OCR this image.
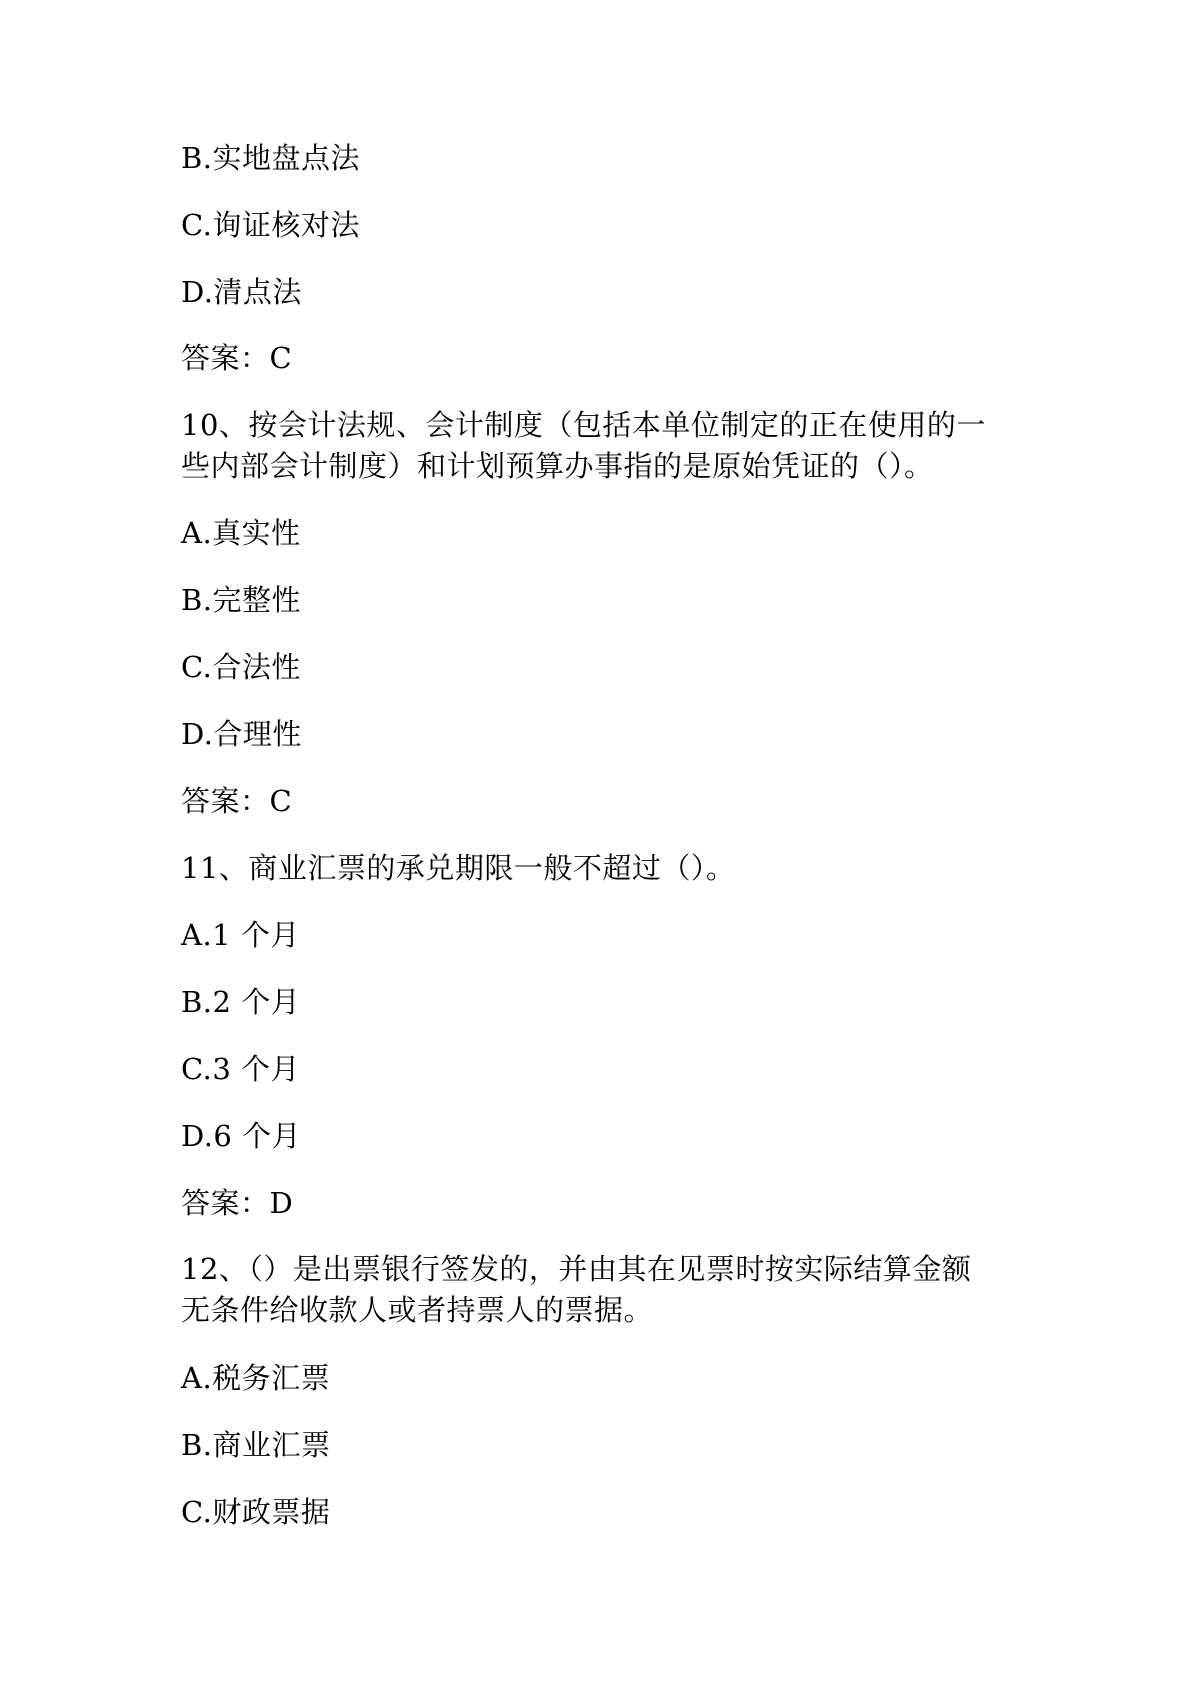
B.实地盘点法
C.询证核对法
D.清点法
答案：C
10、按会计法规、会计制度（包括本单位制定的正在使用的一
些内部会计制度）和计划预算办事指的是原始凭证的（）。
A.真实性
B.完整性
C.合法性
D.合理性
答案：C
11、商业汇票的承兑期限一般不超过（）。
A.1 个月
B.2 个月
C.3 个月
D.6 个月
答案：D
12、（）是出票银行签发的，并由其在见票时按实际结算金额
无条件给收款人或者持票人的票据。
A.税务汇票
B.商业汇票
C.财政票据
